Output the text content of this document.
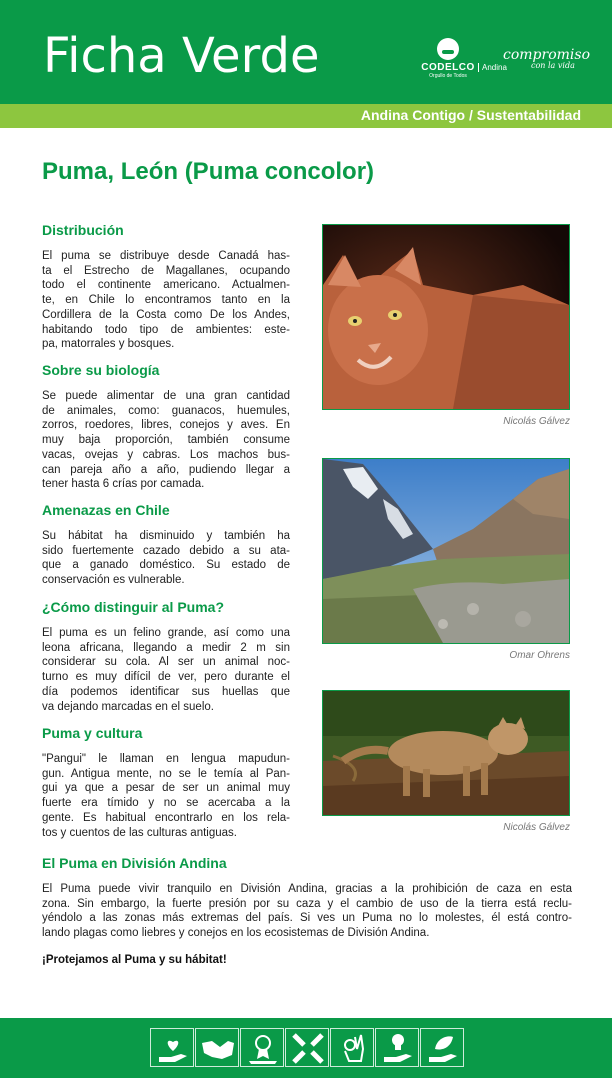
Ficha Verde	CODELCO
Orgullo de Todos
Andina
compromiso
con la vida
Andina Contigo / Sustentabilidad
Puma, León (Puma concolor)
Distribución
El puma se distribuye desde Canadá has-
ta el Estrecho de Magallanes, ocupando
todo el continente americano. Actualmen-
te, en Chile lo encontramos tanto en la
Cordillera de la Costa como De los Andes,
habitando todo tipo de ambientes: este-
pa, matorrales y bosques.
Sobre su biología
Se puede alimentar de una gran cantidad
de animales, como: guanacos, huemules,
zorros, roedores, libres, conejos y aves. En
muy baja proporción, también consume
vacas, ovejas y cabras. Los machos bus-
can pareja año a año, pudiendo llegar a
tener hasta 6 crías por camada.
Amenazas en Chile
Su hábitat ha disminuido y también ha
sido fuertemente cazado debido a su ata-
que a ganado doméstico. Su estado de
conservación es vulnerable.
¿Cómo distinguir al Puma?
El puma es un felino grande, así como una
leona africana, llegando a medir 2 m sin
considerar su cola. Al ser un animal noc-
turno es muy difícil de ver, pero durante el
día podemos identificar sus huellas que
va dejando marcadas en el suelo.
Puma y cultura
"Pangui" le llaman en lengua mapudun-
gun. Antigua mente, no se le temía al Pan-
gui ya que a pesar de ser un animal muy
fuerte era tímido y no se acercaba a la
gente. Es habitual encontrarlo en los rela-
tos y cuentos de las culturas antiguas.
El Puma en División Andina
El Puma puede vivir tranquilo en División Andina, gracias a la prohibición de caza en esta
zona. Sin embargo, la fuerte presión por su caza y el cambio de uso de la tierra está reclu-
yéndolo a las zonas más extremas del país. Si ves un Puma no lo molestes, él está contro-
lando plagas como liebres y conejos en los ecosistemas de División Andina.
¡Protejamos al Puma y su hábitat!
Nicolás Gálvez
Omar Ohrens
Nicolás Gálvez
